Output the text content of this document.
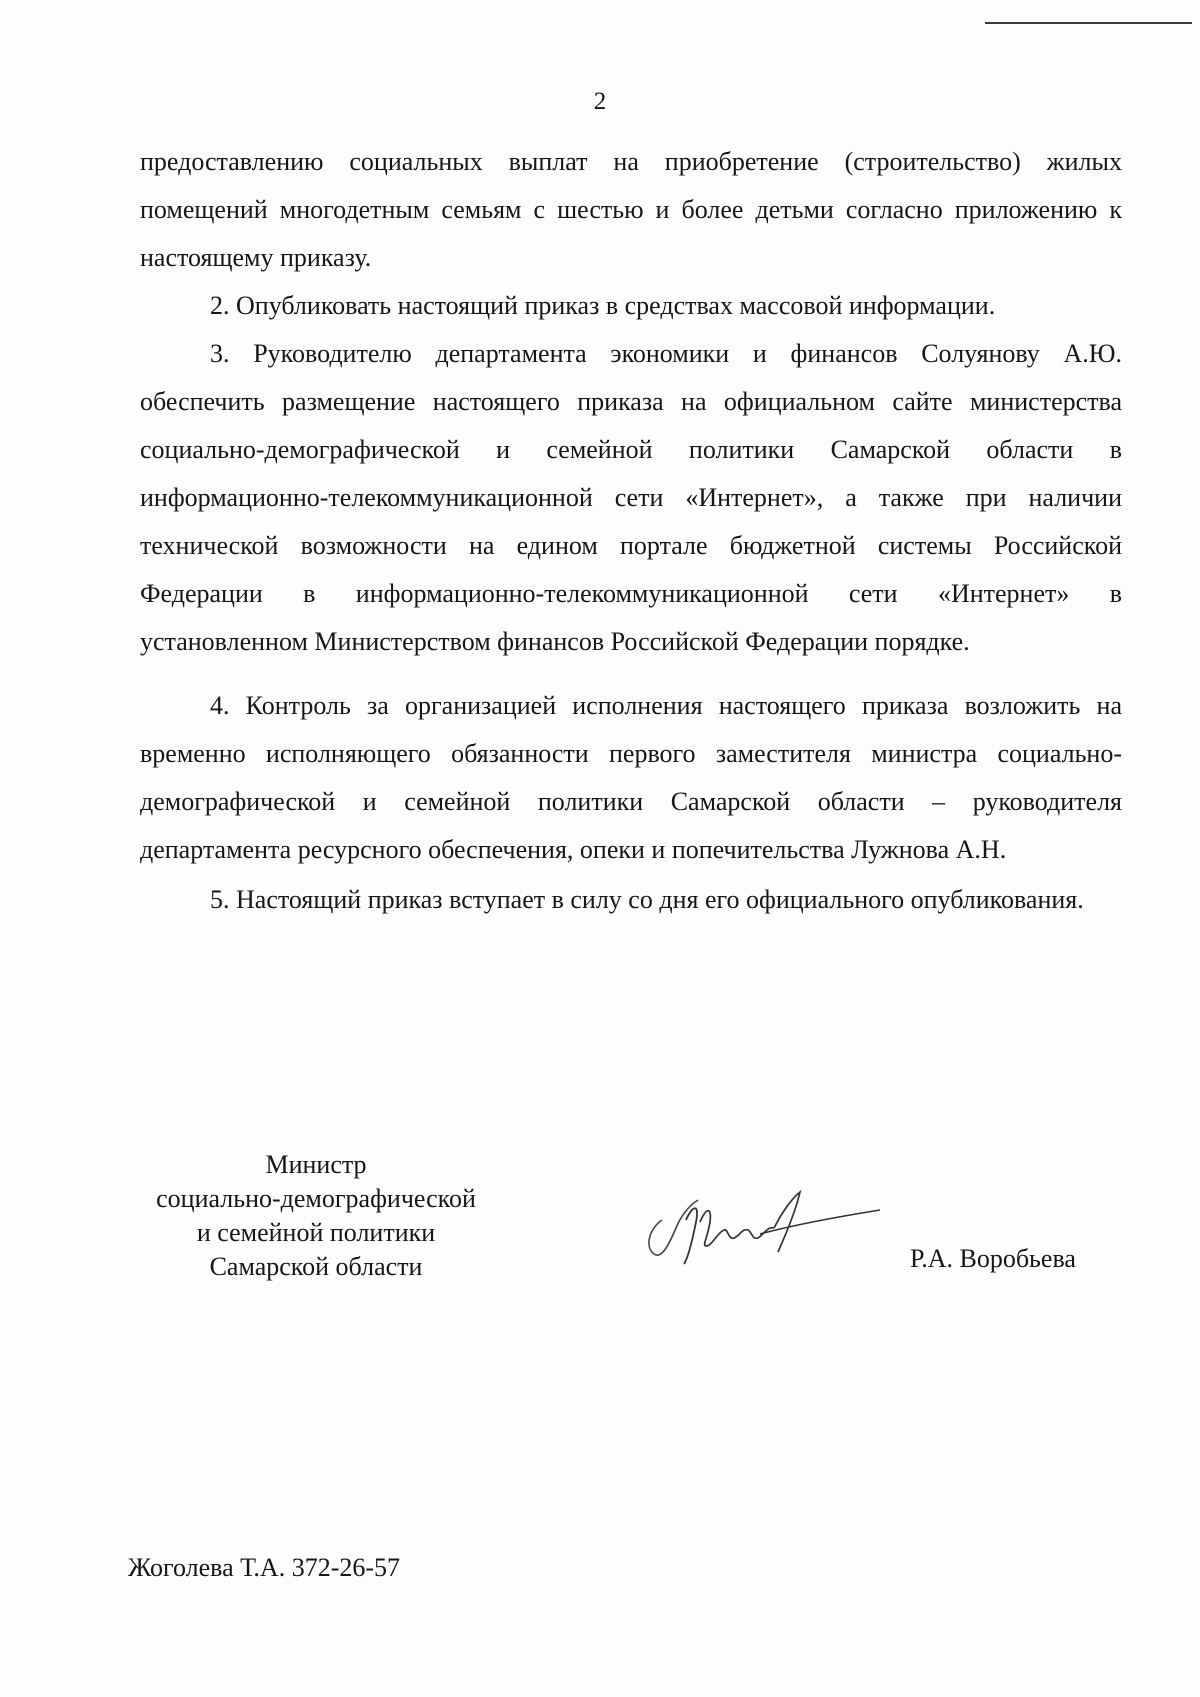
2

предоставлению социальных выплат на приобретение (строительство) жилых помещений многодетным семьям с шестью и более детьми согласно приложению к настоящему приказу.

2. Опубликовать настоящий приказ в средствах массовой информации.

3. Руководителю департамента экономики и финансов Солуянову А.Ю. обеспечить размещение настоящего приказа на официальном сайте министерства социально-демографической и семейной политики Самарской области в информационно-телекоммуникационной сети «Интернет», а также при наличии технической возможности на едином портале бюджетной системы Российской Федерации в информационно-телекоммуникационной сети «Интернет» в установленном Министерством финансов Российской Федерации порядке.

4. Контроль за организацией исполнения настоящего приказа возложить на временно исполняющего обязанности первого заместителя министра социально-демографической и семейной политики Самарской области – руководителя департамента ресурсного обеспечения, опеки и попечительства Лужнова А.Н.

5. Настоящий приказ вступает в силу со дня его официального опубликования.

Министр
социально-демографической
и семейной политики
Самарской области	Р.А. Воробьева
Жоголева Т.А. 372-26-57
